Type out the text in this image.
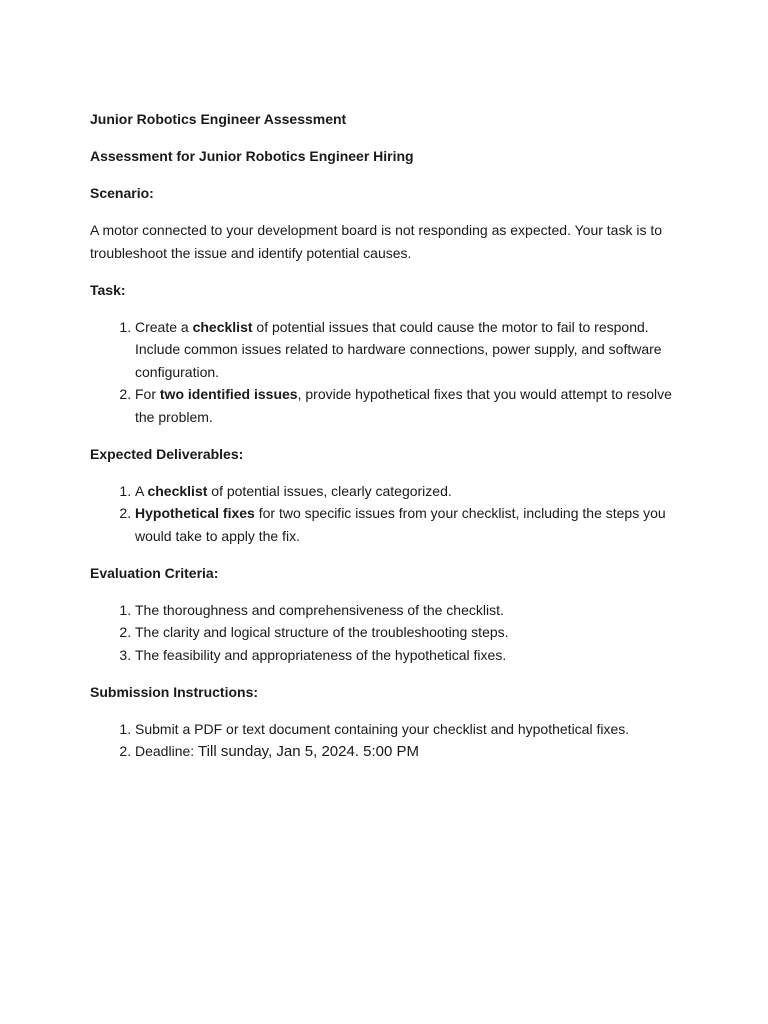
Junior Robotics Engineer Assessment

Assessment for Junior Robotics Engineer Hiring

Scenario:

A motor connected to your development board is not responding as expected. Your task is to troubleshoot the issue and identify potential causes.

Task:

1. Create a checklist of potential issues that could cause the motor to fail to respond. Include common issues related to hardware connections, power supply, and software configuration.
2. For two identified issues, provide hypothetical fixes that you would attempt to resolve the problem.

Expected Deliverables:

1. A checklist of potential issues, clearly categorized.
2. Hypothetical fixes for two specific issues from your checklist, including the steps you would take to apply the fix.

Evaluation Criteria:

1. The thoroughness and comprehensiveness of the checklist.
2. The clarity and logical structure of the troubleshooting steps.
3. The feasibility and appropriateness of the hypothetical fixes.

Submission Instructions:

1. Submit a PDF or text document containing your checklist and hypothetical fixes.
2. Deadline: Till sunday, Jan 5, 2024. 5:00 PM
